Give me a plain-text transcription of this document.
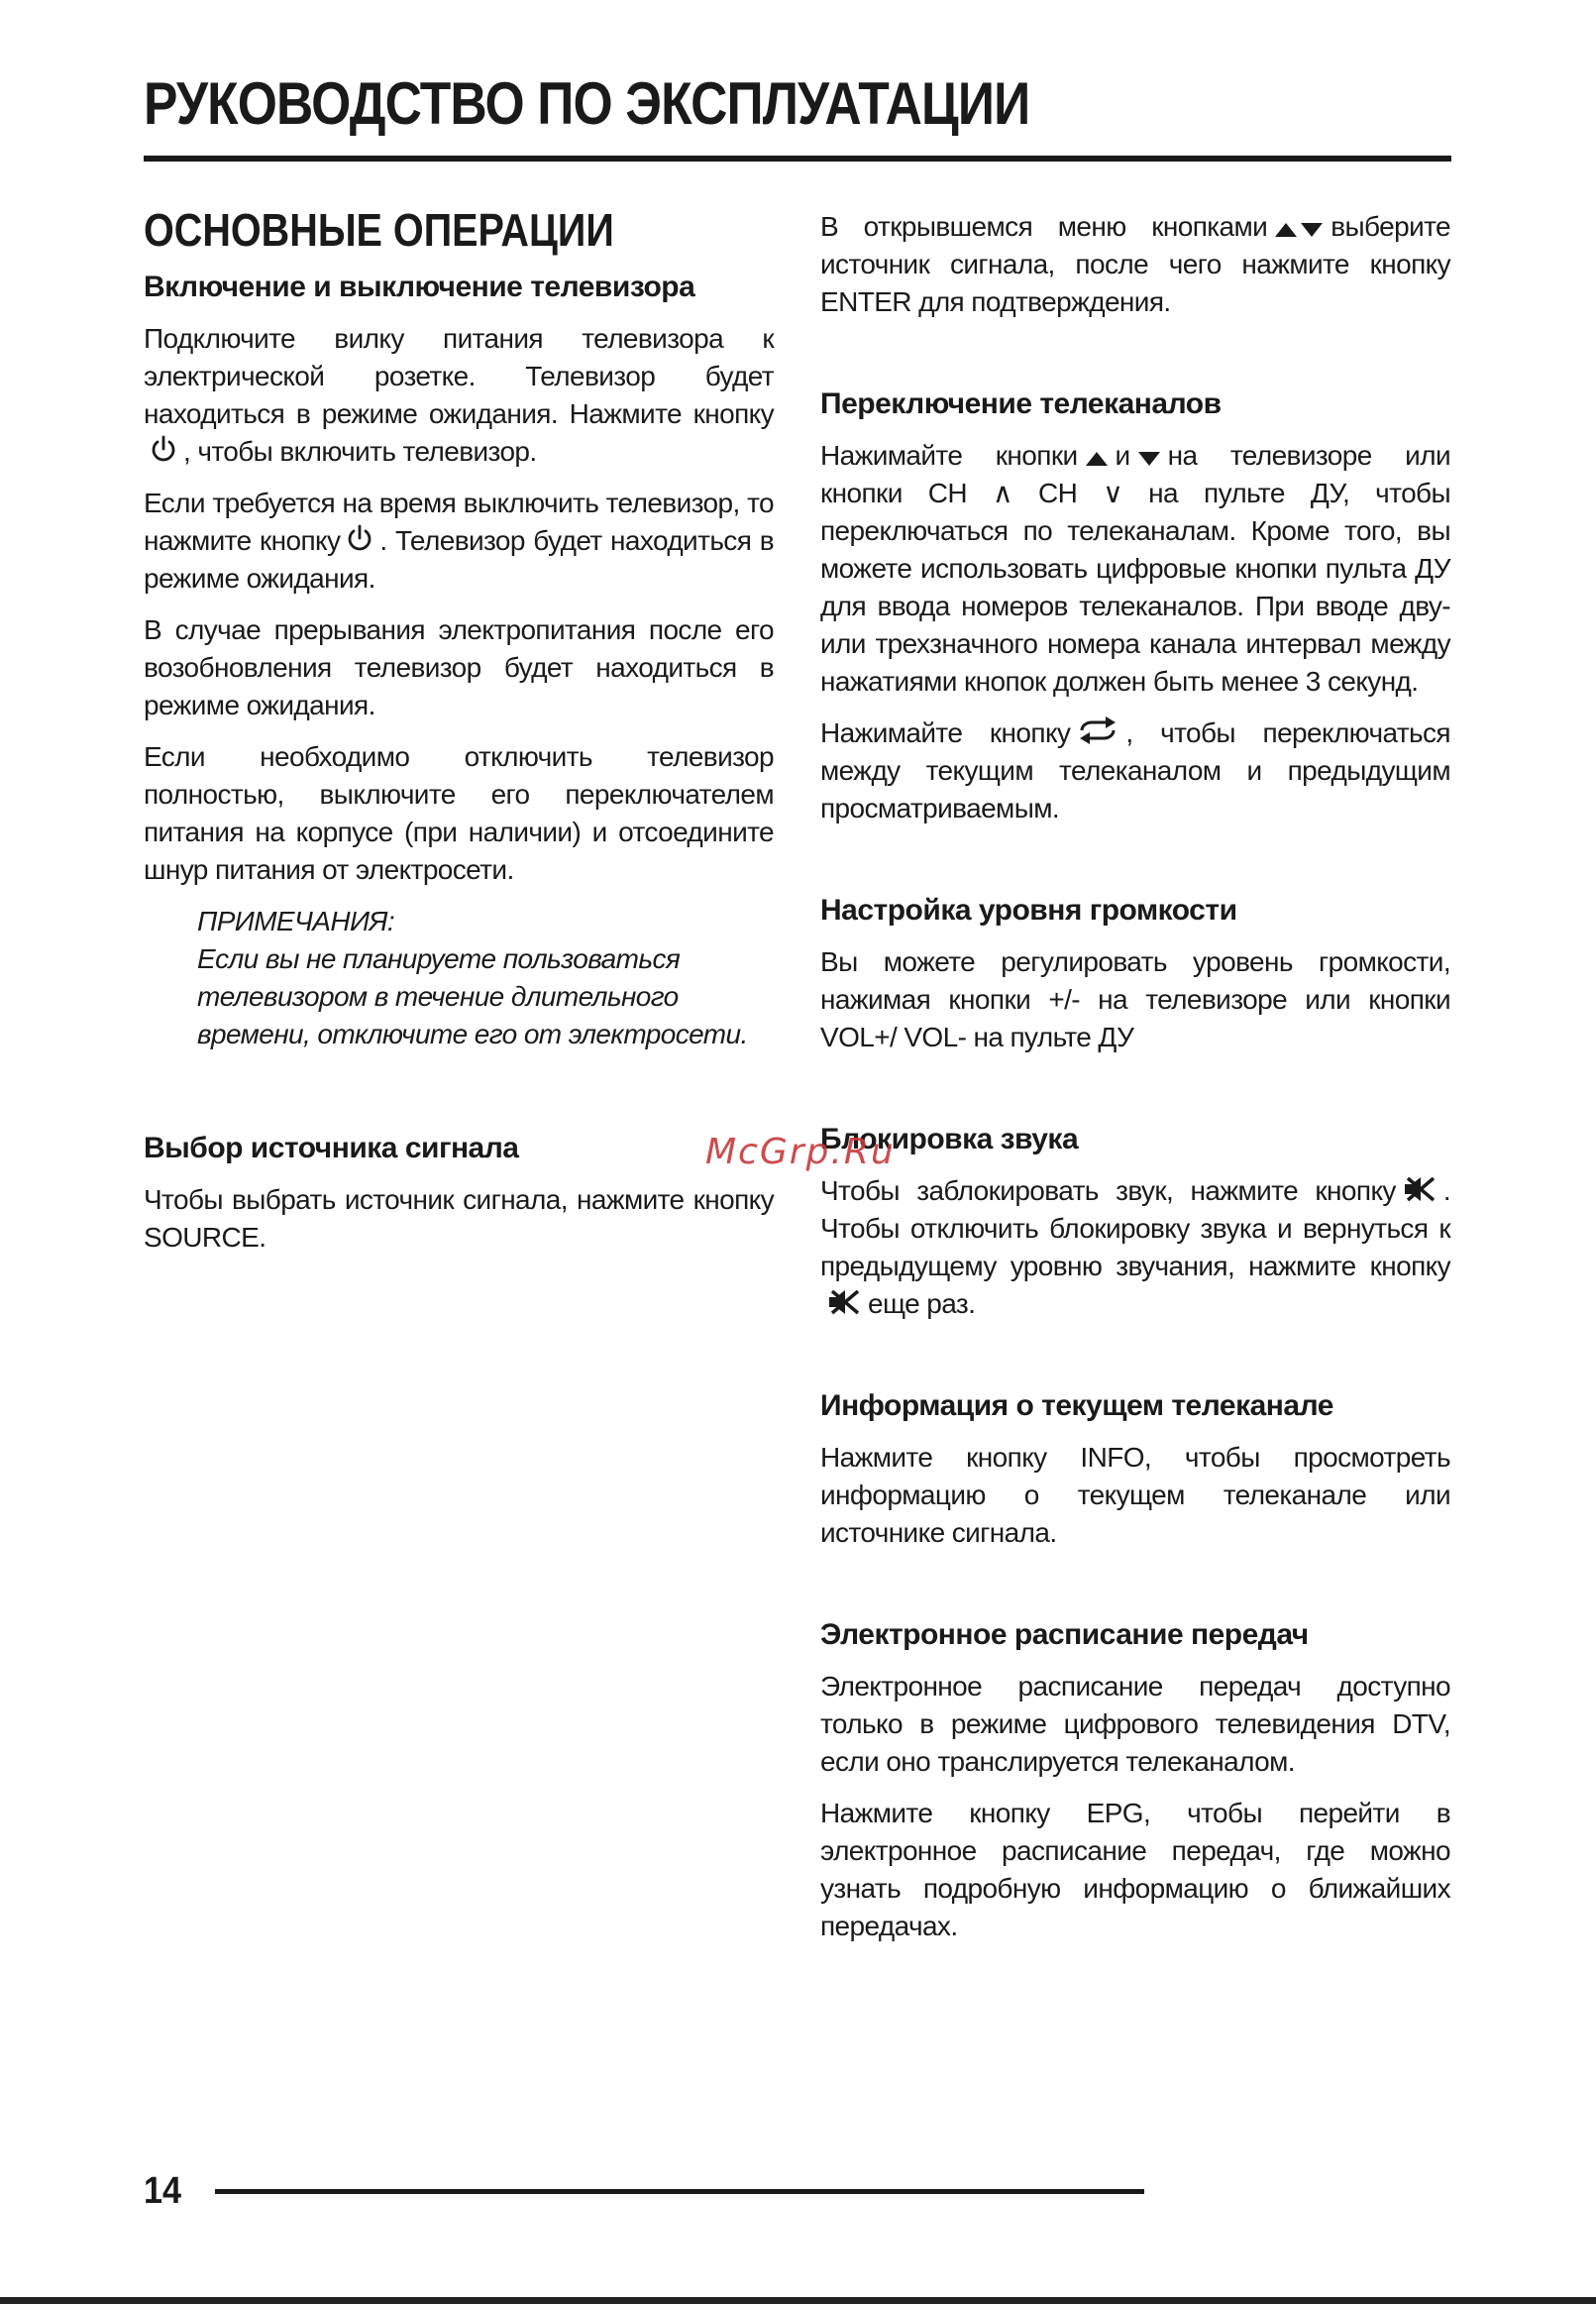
РУКОВОДСТВО ПО ЭКСПЛУАТАЦИИ
ОСНОВНЫЕ ОПЕРАЦИИ
Включение и выключение телевизора

Подключите вилку питания телевизора к электрической розетке. Телевизор будет находиться в режиме ожидания. Нажмите кнопку
, чтобы включить телевизор.

Если требуется на время выключить телевизор, то нажмите кнопку . Телевизор будет находиться в режиме ожидания.

В случае прерывания электропитания после его возобновления телевизор будет находиться в режиме ожидания.

Если необходимо отключить телевизор полностью, выключите его переключателем питания на корпусе (при наличии) и отсоедините шнур питания от электросети.

ПРИМЕЧАНИЯ:

Если вы не планируете пользоваться телевизором в течение длительного времени, отключите его от электросети.

Выбор источника сигнала

Чтобы выбрать источник сигнала, нажмите кнопку SOURCE.

В открывшемся меню кнопками выберите источник сигнала, после чего нажмите кнопку ENTER для подтверждения.

Переключение телеканалов

Нажимайте кнопки и на телевизоре или кнопки CH ∧ CH ∨ на пульте ДУ, чтобы переключаться по телеканалам. Кроме того, вы можете использовать цифровые кнопки пульта ДУ для ввода номеров телеканалов. При вводе дву- или трехзначного номера канала интервал между нажатиями кнопок должен быть менее 3 секунд.

Нажимайте кнопку , чтобы переключаться между текущим телеканалом и предыдущим просматриваемым.

Настройка уровня громкости

Вы можете регулировать уровень громкости, нажимая кнопки +/- на телевизоре или кнопки VOL+/ VOL- на пульте ДУ

Блокировка звука

Чтобы заблокировать звук, нажмите кнопку . Чтобы отключить блокировку звука и вернуться к предыдущему уровню звучания, нажмите кнопку
еще раз.

Информация о текущем телеканале

Нажмите кнопку INFO, чтобы просмотреть информацию о текущем телеканале или источнике сигнала.

Электронное расписание передач

Электронное расписание передач доступно только в режиме цифрового телевидения DTV, если оно транслируется телеканалом.

Нажмите кнопку EPG, чтобы перейти в электронное расписание передач, где можно узнать подробную информацию о ближайших передачах.

McGrp.Ru
14
